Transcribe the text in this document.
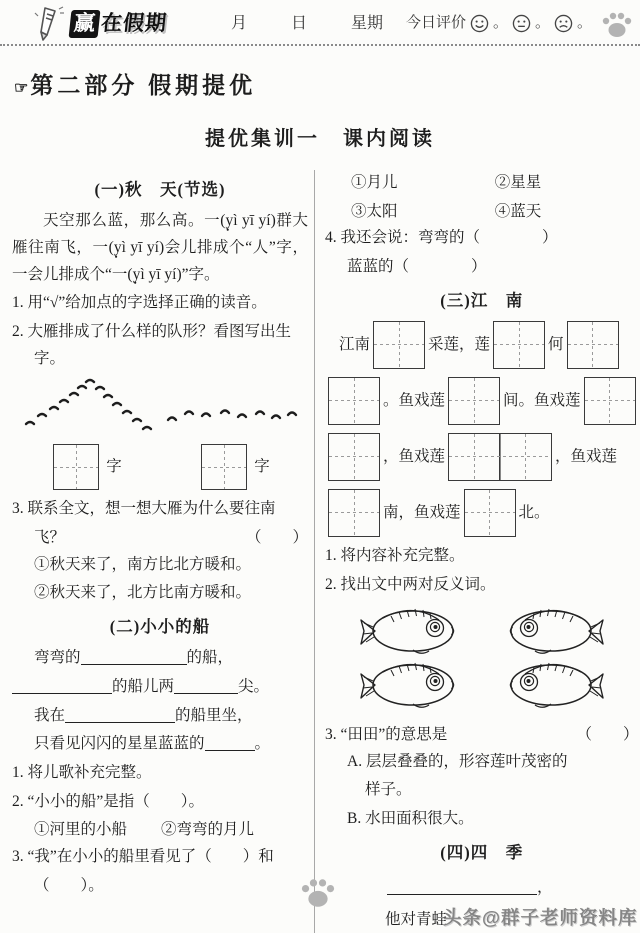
赢 在假期	月	日	星期 今日评价 。 。 。
☞第二部分 假期提优
提优集训一　课内阅读
(一)秋　天(节选)

天空那么蓝，那么高。一(yì yī yí)群大雁往南飞，一(yì yī yí)会儿排成个“人”字，一会儿排成个“一(yì yī yí)”字。

1. 用“√”给加点的字选择正确的读音。

2. 大雁排成了什么样的队形？看图写出生字。

字	字

3. 联系全文，想一想大雁为什么要往南

飞？	（　　）

①秋天来了，南方比北方暖和。

②秋天来了，北方比南方暖和。

(二)小小的船

弯弯的	的船，

的船儿两	尖。

我在	的船里坐，

只看见闪闪的星星蓝蓝的	。

1. 将儿歌补充完整。

2. “小小的船”是指（　　）。

①河里的小船 ②弯弯的月儿

3. “我”在小小的船里看见了（　　）和

（　　）。

①月儿	②星星
③太阳	④蓝天

4. 我还会说：弯弯的（　　　　）

蓝蓝的（　　　　）

(三)江　南
江南	采莲，莲	何
。鱼戏莲	间。鱼戏莲
，鱼戏莲	，鱼戏莲
南，鱼戏莲	北。

1. 将内容补充完整。

2. 找出文中两对反义词。

3. “田田”的意思是	（　　）

A. 层层叠叠的，形容莲叶茂密的

样子。

B. 水田面积很大。

(四)四　季
，
他对青蛙
头条@群子老师资料库
